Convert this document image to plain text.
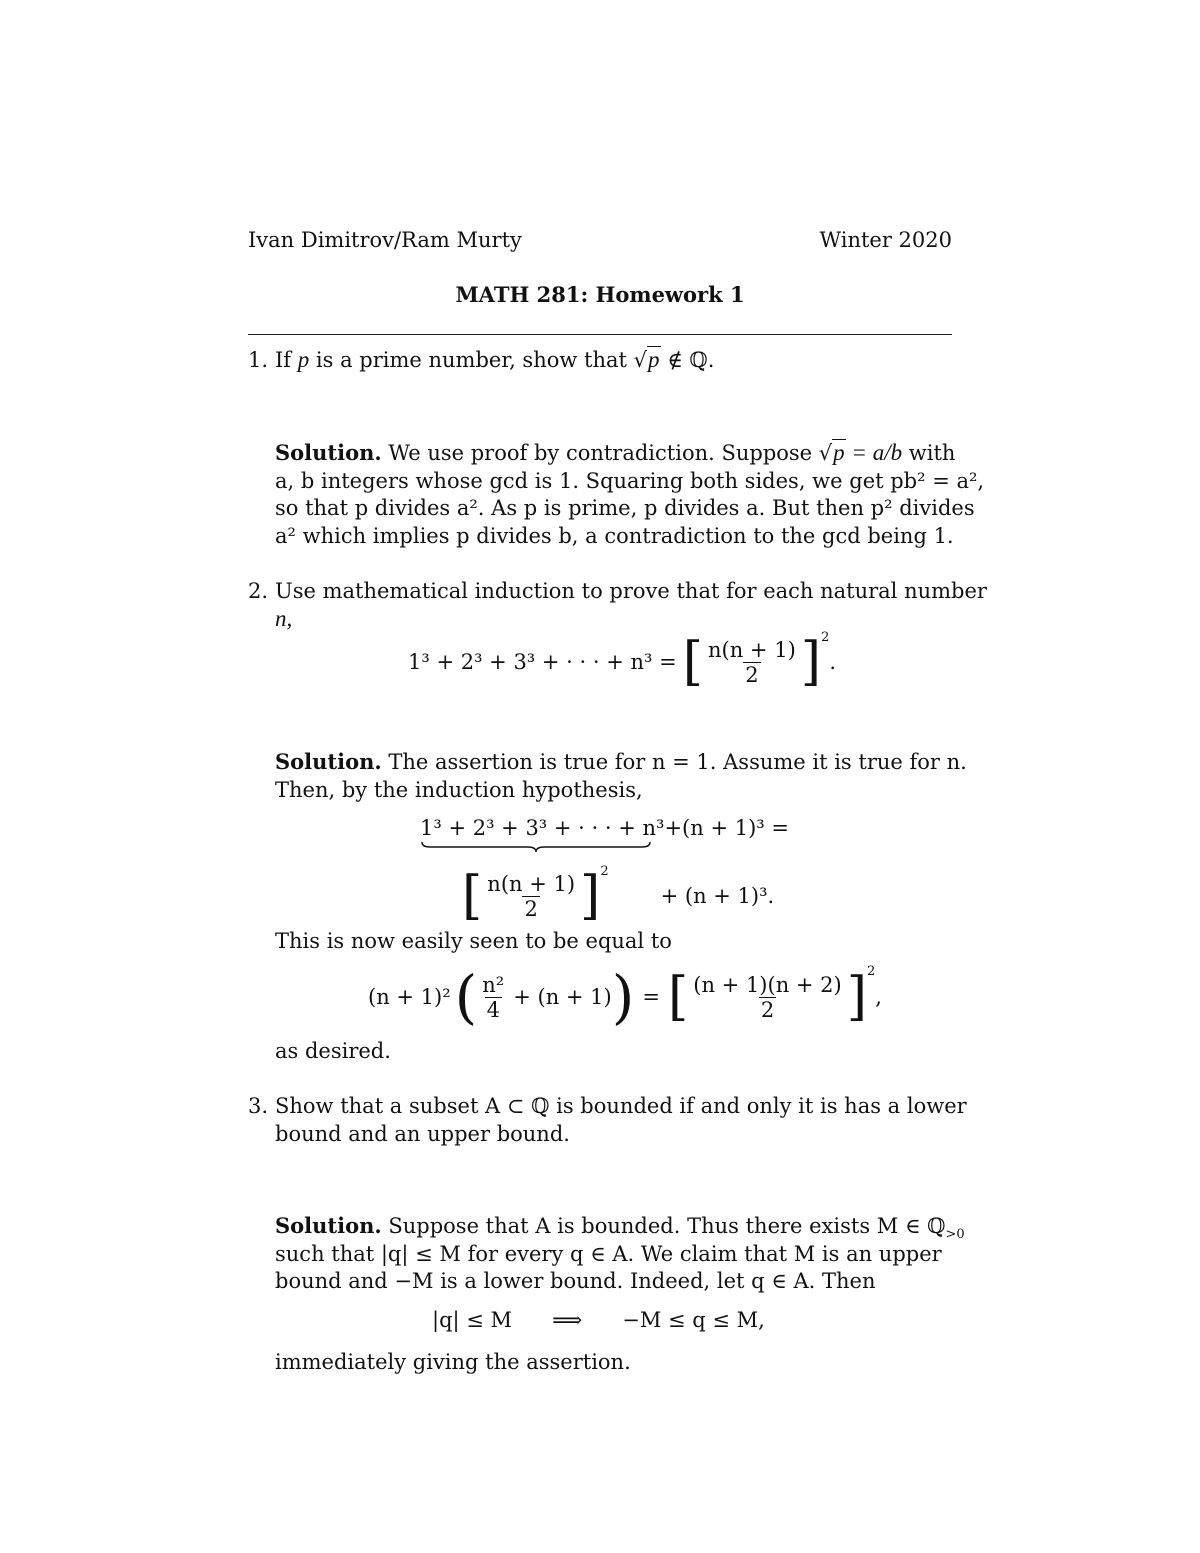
Ivan Dimitrov/Ram Murty	Winter 2020
MATH 281: Homework 1
1. If p is a prime number, show that √p ∉ ℚ.
Solution. We use proof by contradiction. Suppose √p = a/b with
a, b integers whose gcd is 1. Squaring both sides, we get pb² = a²,
so that p divides a². As p is prime, p divides a. But then p² divides
a² which implies p divides b, a contradiction to the gcd being 1.
2. Use mathematical induction to prove that for each natural number
n,
1³ + 2³ + 3³ + · · · + n³ = [ $\frac{n(n + 1)}{2}$ ] 2
.
Solution. The assertion is true for n = 1. Assume it is true for n.
Then, by the induction hypothesis,
1³ + 2³ + 3³ + · · · + n³ +(n + 1)³ =
[ $\frac{n(n + 1)}{2}$ ] 2
+ (n + 1)³.
This is now easily seen to be equal to
(n + 1)² ( $\frac{\text{n²}}{4} + (n + 1)$ ) = [ $\frac{(n + 1)(n + 2)}{2}$ ] 2
,
as desired.
3. Show that a subset A ⊂ ℚ is bounded if and only it is has a lower
bound and an upper bound.
Solution. Suppose that A is bounded. Thus there exists M ∈ ℚ$_{>0}$
such that |q| ≤ M for every q ∈ A. We claim that M is an upper
bound and −M is a lower bound. Indeed, let q ∈ A. Then
|q| ≤ M      ⟹      −M ≤ q ≤ M,
immediately giving the assertion.
